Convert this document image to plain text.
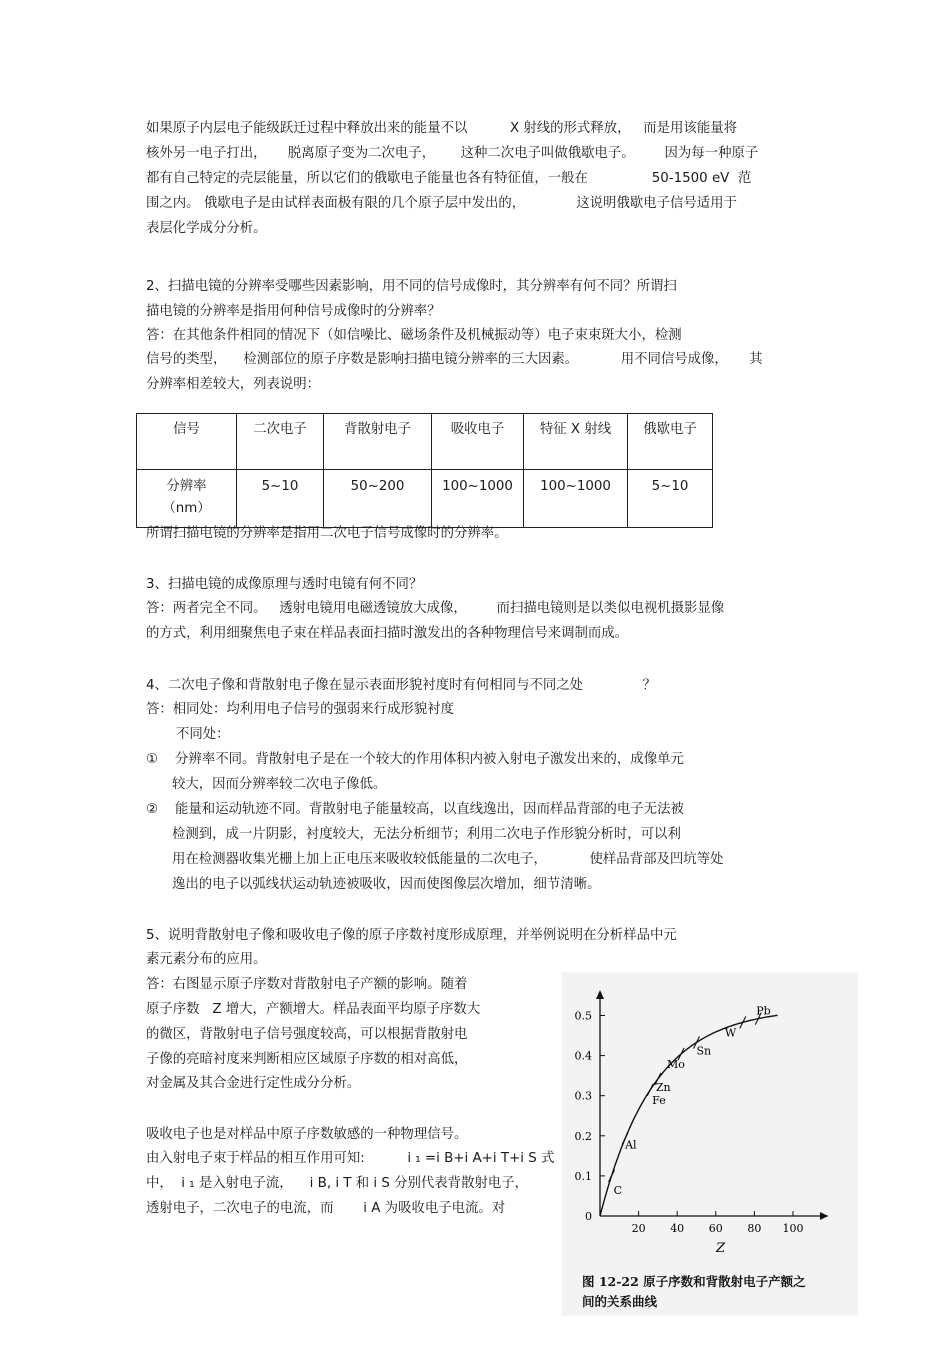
如果原子内层电子能级跃迁过程中释放出来的能量不以          X 射线的形式释放，   而是用该能量将
核外另一电子打出，     脱离原子变为二次电子，      这种二次电子叫做俄歇电子。       因为每一种原子
都有自己特定的壳层能量，所以它们的俄歇电子能量也各有特征值，一般在               50-1500 eV  范
围之内。 俄歇电子是由试样表面极有限的几个原子层中发出的，            这说明俄歇电子信号适用于
表层化学成分分析。
2、扫描电镜的分辨率受哪些因素影响，用不同的信号成像时，其分辨率有何不同？所谓扫
描电镜的分辨率是指用何种信号成像时的分辨率？
答：在其他条件相同的情况下（如信噪比、磁场条件及机械振动等）电子束束斑大小，检测
信号的类型，    检测部位的原子序数是影响扫描电镜分辨率的三大因素。          用不同信号成像，     其
分辨率相差较大，列表说明：
信号	二次电子	背散射电子	吸收电子	特征 X 射线	俄歇电子

分辨率
（nm）	5~10	50~200	100~1000	100~1000	5~10
所谓扫描电镜的分辨率是指用二次电子信号成像时的分辨率。
3、扫描电镜的成像原理与透时电镜有何不同？
答：两者完全不同。   透射电镜用电磁透镜放大成像，       而扫描电镜则是以类似电视机摄影显像
的方式，利用细聚焦电子束在样品表面扫描时激发出的各种物理信号来调制而成。
4、二次电子像和背散射电子像在显示表面形貌衬度时有何相同与不同之处              ？
答：相同处：均利用电子信号的强弱来行成形貌衬度
不同处：
①    分辨率不同。背散射电子是在一个较大的作用体积内被入射电子激发出来的，成像单元
较大，因而分辨率较二次电子像低。
②    能量和运动轨迹不同。背散射电子能量较高，以直线逸出，因而样品背部的电子无法被
检测到，成一片阴影，衬度较大，无法分析细节；利用二次电子作形貌分析时，可以利
用在检测器收集光栅上加上正电压来吸收较低能量的二次电子，          使样品背部及凹坑等处
逸出的电子以弧线状运动轨迹被吸收，因而使图像层次增加，细节清晰。
5、说明背散射电子像和吸收电子像的原子序数衬度形成原理，并举例说明在分析样品中元
素元素分布的应用。
答：右图显示原子序数对背散射电子产额的影响。随着
原子序数   Z 增大，产额增大。样品表面平均原子序数大
的微区，背散射电子信号强度较高，可以根据背散射电
子像的亮暗衬度来判断相应区域原子序数的相对高低，
对金属及其合金进行定性成分分析。
吸收电子也是对样品中原子序数敏感的一种物理信号。
由入射电子束于样品的相互作用可知:          i ₁ =i B+i A+i T+i S 式
中，  i ₁ 是入射电子流，    i B, i T 和 i S 分别代表背散射电子，
透射电子，二次电子的电流，而       i A 为吸收电子电流。对
0.5
0.4
0.3
0.2
0.1
0
20 40 60 80 100
C
Al
Fe
Zn
Mo
Sn
W
Pb
Z
图 12-22 原子序数和背散射电子产额之
间的关系曲线
